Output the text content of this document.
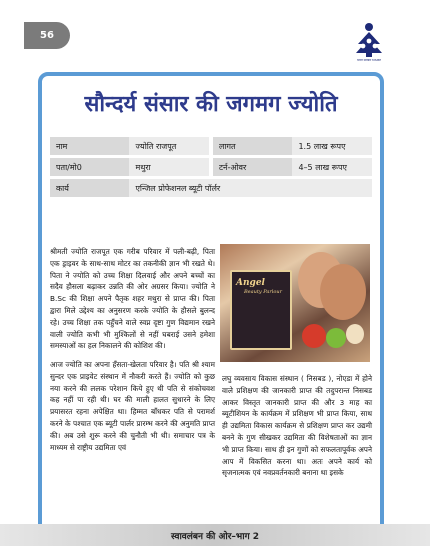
56
भारत सरकार MSME
सौन्दर्य संसार की जगमग ज्योति
नाम	ज्योति राजपूत		लागत	1.5 लाख रूपए
पता/मो0	मथुरा		टर्न-ओवर	4–5 लाख रूपए
कार्य	एन्जिल प्रोफेशनल ब्यूटी पॉर्लर			
श्रीमती ज्योति राजपूत एक गरीब परिवार में पली-बढ़ी, पिता एक ड्राइवर के साथ-साथ मोटर का तकनीकी ज्ञान भी रखते थे। पिता ने ज्योति को उच्च शिक्षा दिलवाई और अपने बच्चों का सदैव हौसला बढ़ाकर उन्नति की ओर अग्रसर किया। ज्योति ने B.Sc की शिक्षा अपने पैतृक शहर मथुरा से प्राप्त की। पिता द्वारा मिले उद्देश्य का अनुसरण करके ज्योति के हौसले बुलन्द रहे। उच्च शिक्षा तक पहुँचने वाले स्वप्न दृष्टा गुण विद्यमान रखने वाली ज्योति कभी भी मुश्किलों से नहीं घबराई उसने हमेशा समस्याओं का हल निकालने की कोशिश की।
Angel
Beauty Parlour
आज ज्योति का अपना हँसता-खेलता परिवार है। पति श्री श्याम सुन्दर एक प्राइवेट संस्थान में नौकरी करते हैं। ज्योति को कुछ नया करने की ललक परेशान किये हुए थी पति से संकोचवश कह नहीं पा रही थी। घर की माली हालत सुधारने के लिए प्रयासरत रहना अपेक्षित था। हिम्मत बाँधकर पति से परामर्श करने के पश्चात एक ब्यूटी पार्लर प्रारम्भ करने की अनुमति प्राप्त की। अब उसे शुरू करने की चुनौती भी थी। समाचार पत्र के माध्यम से राष्ट्रीय उद्यमिता एवं
लघु व्यवसाय विकास संस्थान ( निसबड ), नोएडा में होने वाले प्रशिक्षण की जानकारी प्राप्त की तदुपरान्त निसबड आकर विस्तृत जानकारी प्राप्त की और 3 माह का ब्यूटीशियन के कार्यक्रम में प्रशिक्षण भी प्राप्त किया, साथ ही उद्यमिता विकास कार्यक्रम से प्रशिक्षण प्राप्त कर उद्यमी बनने के गुण सीखकर उद्यमिता की विशेषताओं का ज्ञान भी प्राप्त किया। साथ ही इन गुणों को सफलतापूर्वक अपने आप में विकसित करना था। अतः अपने कार्य को सृजनात्मक एवं नवप्रवर्तनकारी बनाना था इसके
स्वावलंबन की ओर–भाग 2
